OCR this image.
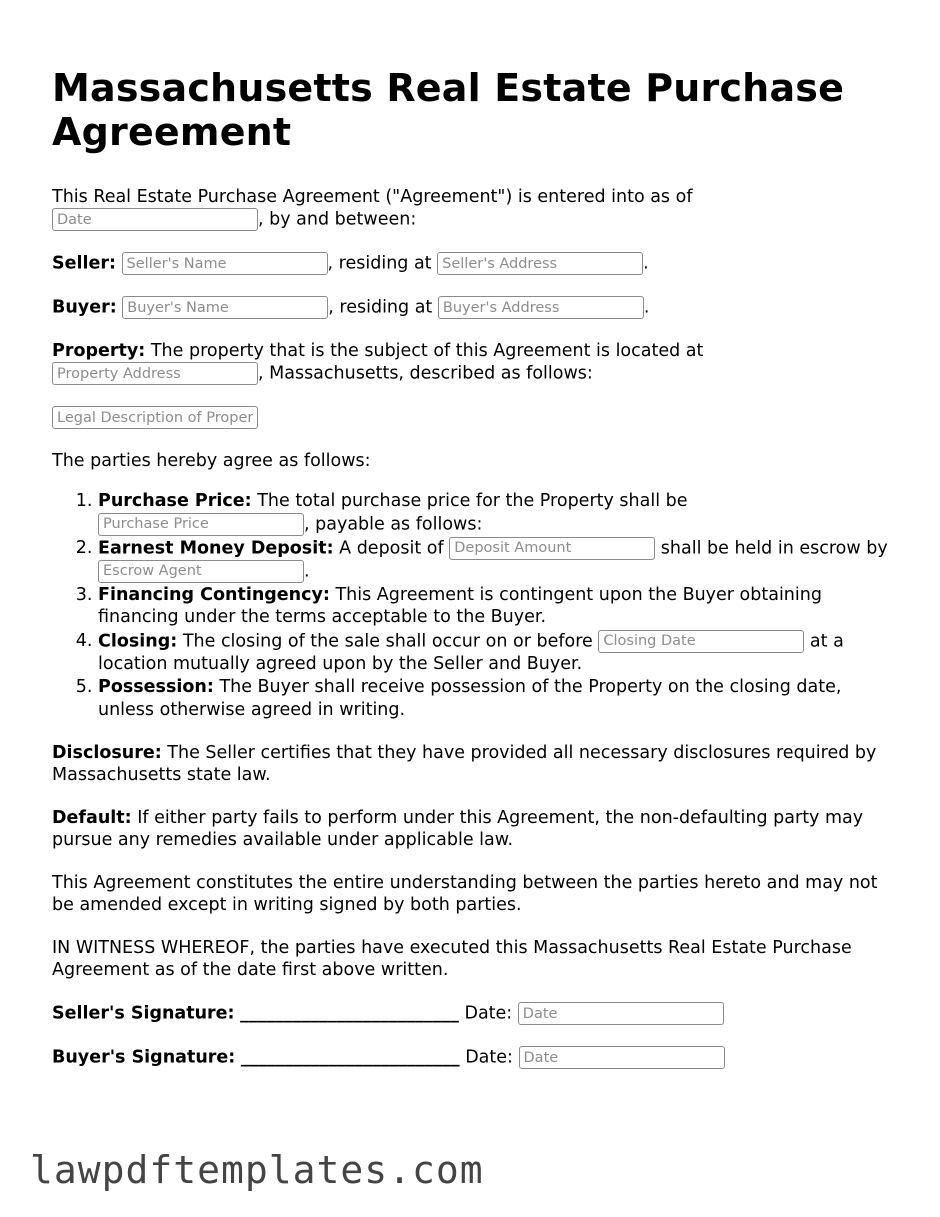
Massachusetts Real Estate Purchase Agreement

This Real Estate Purchase Agreement ("Agreement") is entered into as of
Date, by and between:

Seller: Seller's Name	, residing at Seller's Address	.

Buyer: Buyer's Name	, residing at Buyer's Address	.

Property: The property that is the subject of this Agreement is located at
Property Address, Massachusetts, described as follows:

Legal Description of Property

The parties hereby agree as follows:

1. Purchase Price: The total purchase price for the Property shall be
Purchase Price, payable as follows:
2. Earnest Money Deposit: A deposit of Deposit Amount	shall be held in escrow by Escrow Agent.
3. Financing Contingency: This Agreement is contingent upon the Buyer obtaining financing under the terms acceptable to the Buyer.
4. Closing: The closing of the sale shall occur on or before Closing Date	at a location mutually agreed upon by the Seller and Buyer.
5. Possession: The Buyer shall receive possession of the Property on the closing date, unless otherwise agreed in writing.

Disclosure: The Seller certifies that they have provided all necessary disclosures required by Massachusetts state law.

Default: If either party fails to perform under this Agreement, the non-defaulting party may pursue any remedies available under applicable law.

This Agreement constitutes the entire understanding between the parties hereto and may not be amended except in writing signed by both parties.

IN WITNESS WHEREOF, the parties have executed this Massachusetts Real Estate Purchase Agreement as of the date first above written.

Seller's Signature: _________________________ Date: Date
Buyer's Signature: _________________________ Date: Date
lawpdftemplates.com
